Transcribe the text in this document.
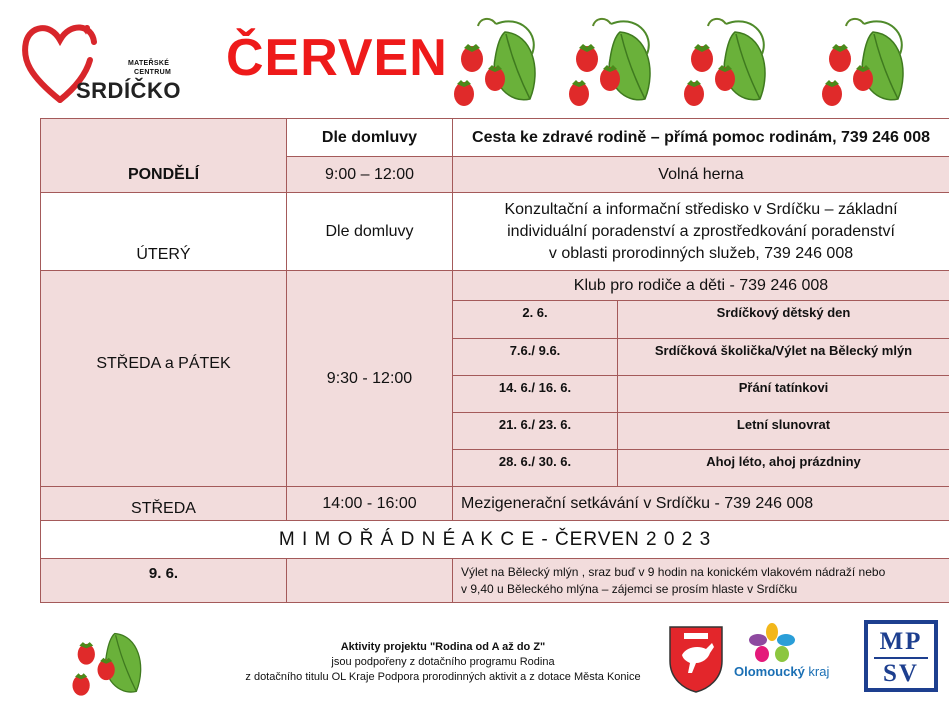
MATEŘSKÉ
CENTRUM
SRDÍČKO
ČERVEN
PONDĚLÍ	Dle domluvy	Cesta ke zdravé rodině – přímá pomoc rodinám, 739 246 008	
	9:00 – 12:00	Volná herna	
ÚTERÝ	Dle domluvy	Konzultační a informační středisko v Srdíčku – základní
individuální poradenství a zprostředkování poradenství
v oblasti prorodinných služeb, 739 246 008	

STŘEDA a PÁTEK	9:30 - 12:00	Klub pro rodiče a děti - 739 246 008	
		2. 6.	Srdíčkový dětský den
		7.6./ 9.6.	Srdíčková školička/Výlet na Bělecký mlýn
		14. 6./ 16. 6.	Přání tatínkovi
		21. 6./ 23. 6.	Letní slunovrat
		28. 6./ 30. 6.	Ahoj léto, ahoj prázdniny
STŘEDA	14:00 - 16:00	Mezigenerační setkávání v Srdíčku - 739 246 008	
M I M O Ř Á D N É A K C E - ČERVEN 2 0 2 3			
9. 6.		Výlet na Bělecký mlýn , sraz buď v 9 hodin na konickém vlakovém nádraží nebo
v 9,40 u Běleckého mlýna – zájemci se prosím hlaste v Srdíčku	
Aktivity projektu "Rodina od A až do Z"
jsou podpořeny z dotačního programu Rodina
z dotačního titulu OL Kraje Podpora prorodinných aktivit a z dotace Města Konice	Olomoucký kraj
MP
SV
